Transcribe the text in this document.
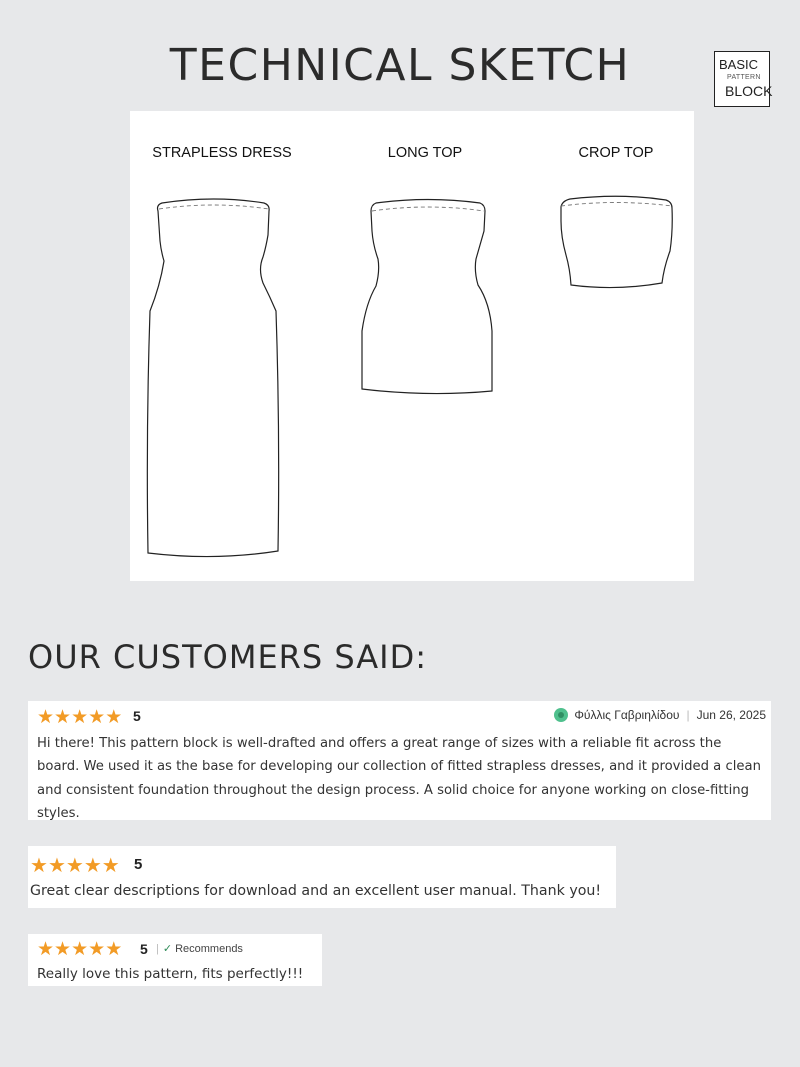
TECHNICAL SKETCH	BASIC
PATTERN
BLOCK
STRAPLESS DRESS	LONG TOP	CROP TOP
OUR CUSTOMERS SAID:
★ ★ ★ ★ ★ 5	Φύλλις Γαβριηλίδου | Jun 26, 2025
Hi there! This pattern block is well-drafted and offers a great range of sizes with a reliable fit across the board. We used it as the base for developing our collection of fitted strapless dresses, and it provided a clean and consistent foundation throughout the design process. A solid choice for anyone working on close-fitting styles.
★ ★ ★ ★ ★ 5
Great clear descriptions for download and an excellent user manual. Thank you!
★ ★ ★ ★ ★ 5 | ✓ Recommends
Really love this pattern, fits perfectly!!!
